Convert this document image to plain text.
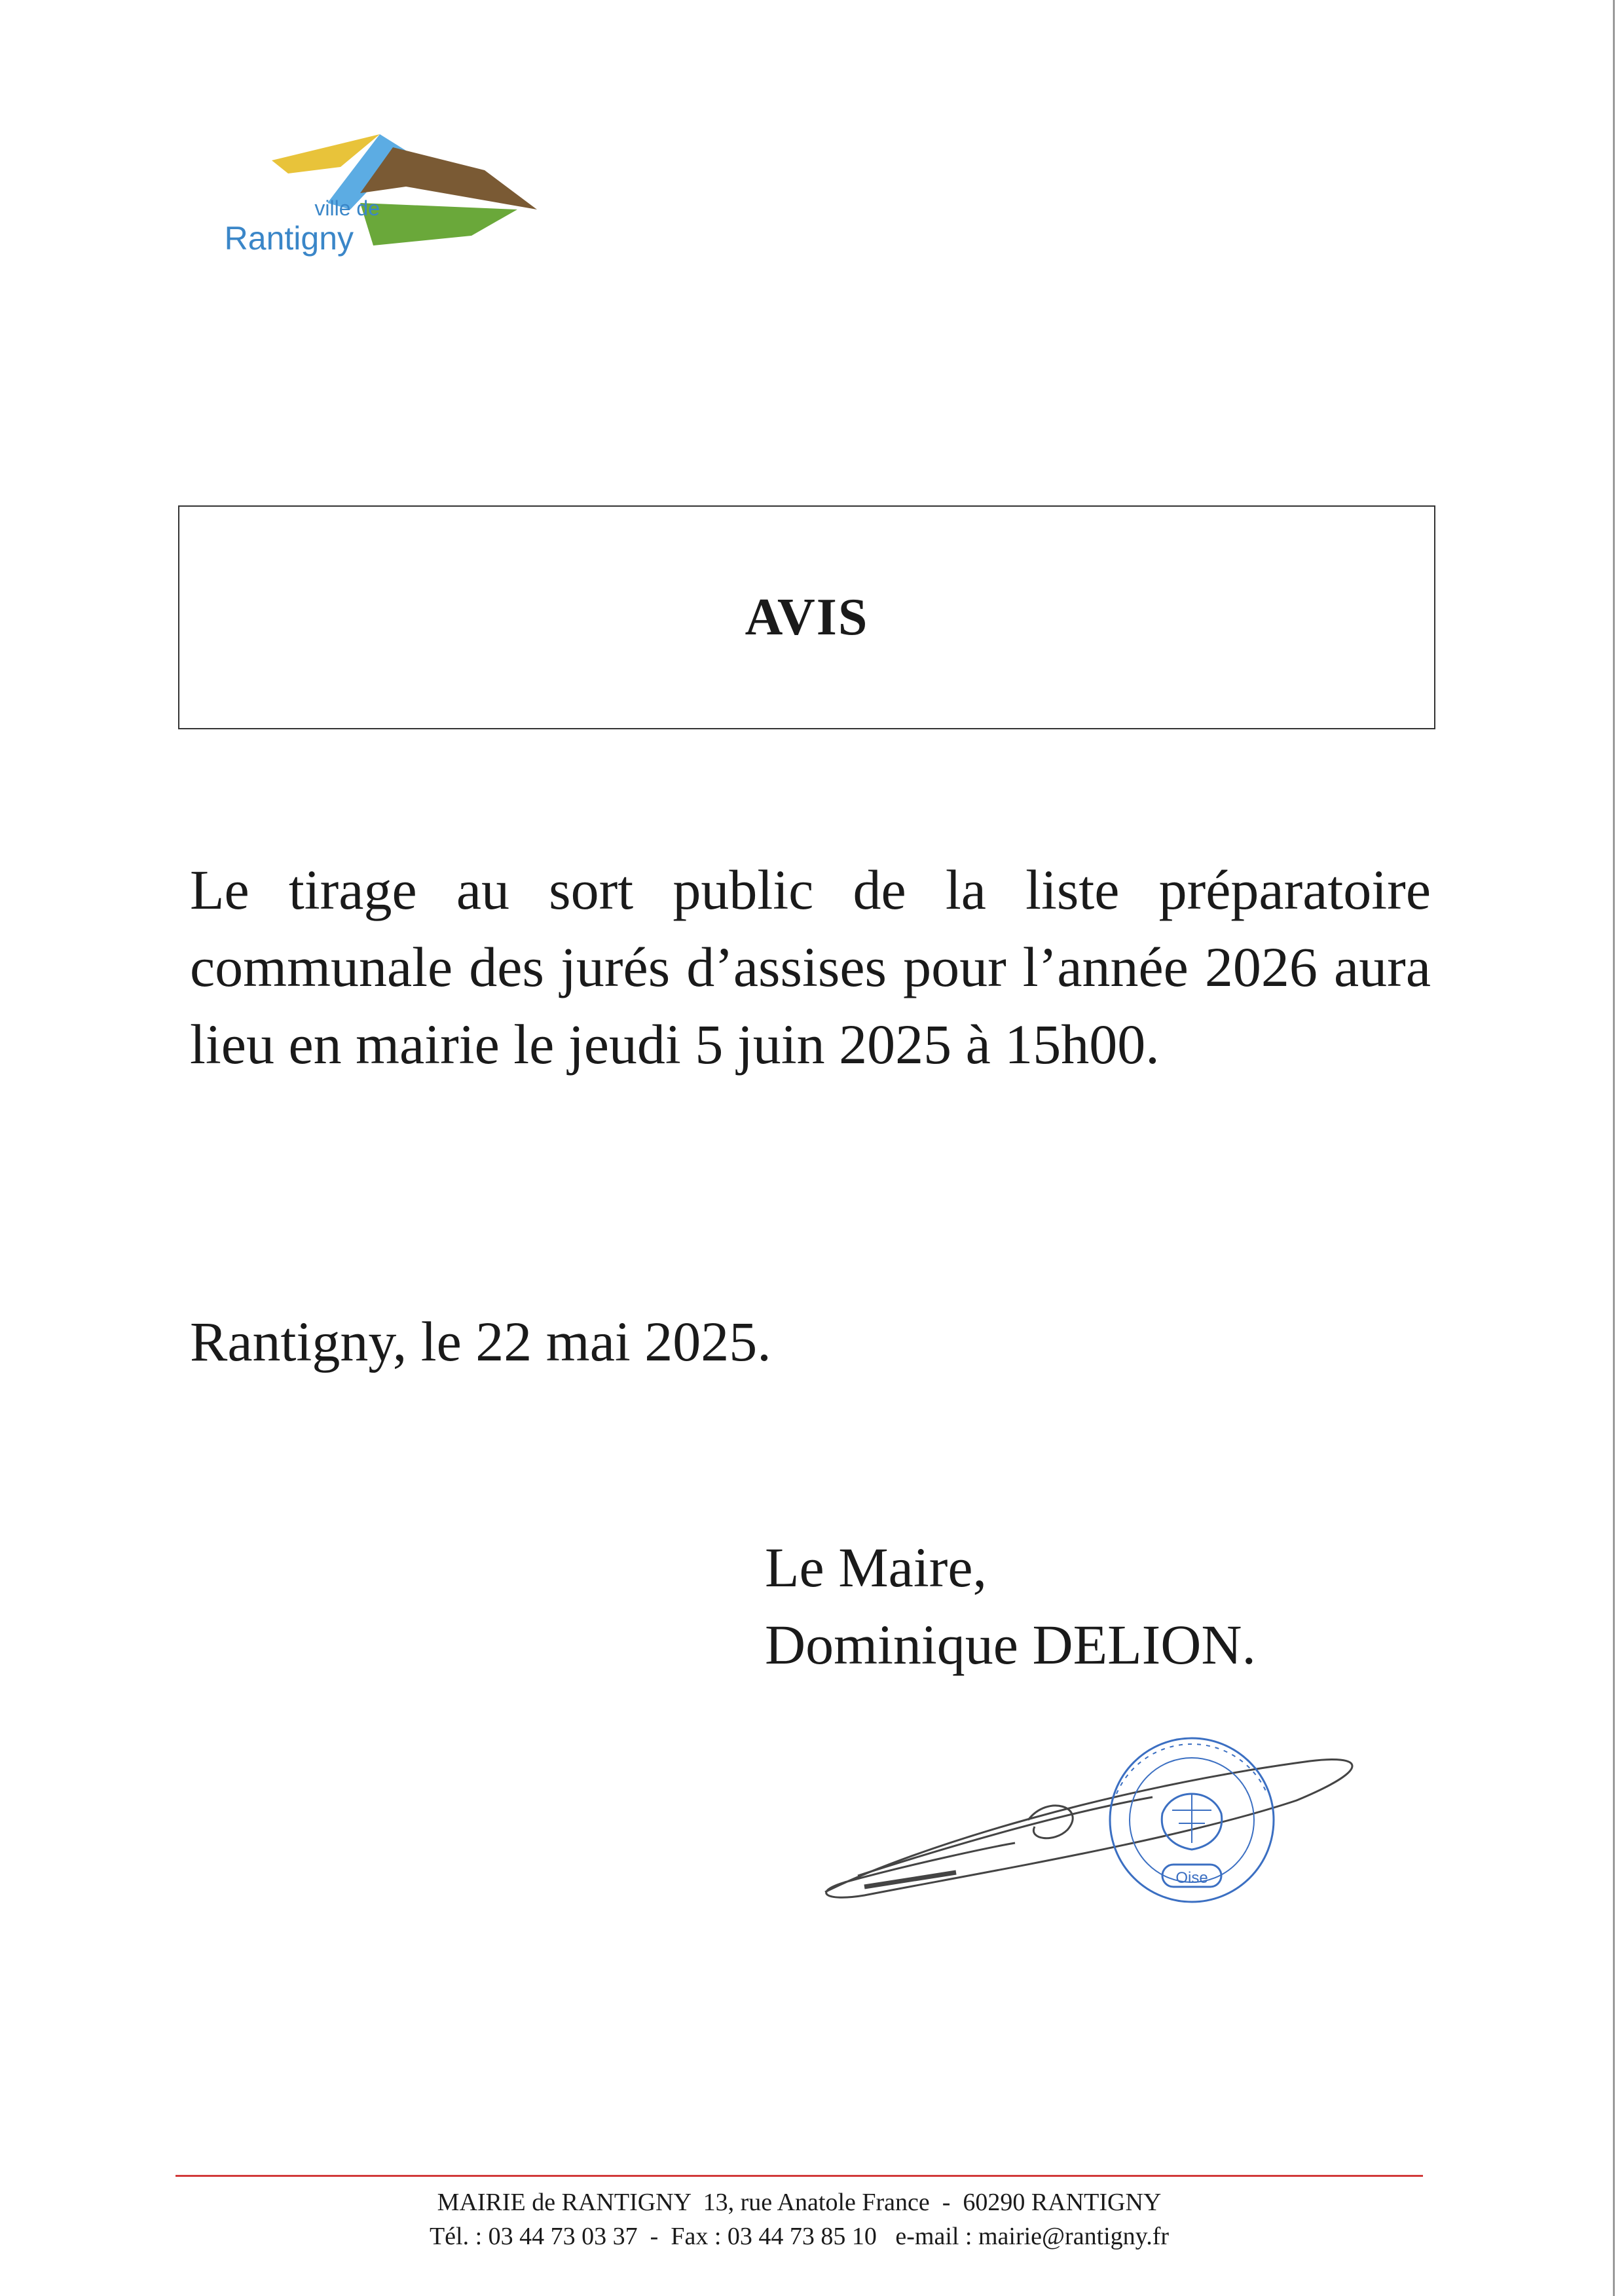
ville de
Rantigny
AVIS
Le tirage au sort public de la liste préparatoire communale des jurés d’assises pour l’année 2026 aura lieu en mairie le jeudi 5 juin 2025 à 15h00.
Rantigny, le 22 mai 2025.
Le Maire,
Dominique DELION.
Oise
MAIRIE de RANTIGNY  13, rue Anatole France  -  60290 RANTIGNY
Tél. : 03 44 73 03 37  -  Fax : 03 44 73 85 10   e-mail : mairie@rantigny.fr
